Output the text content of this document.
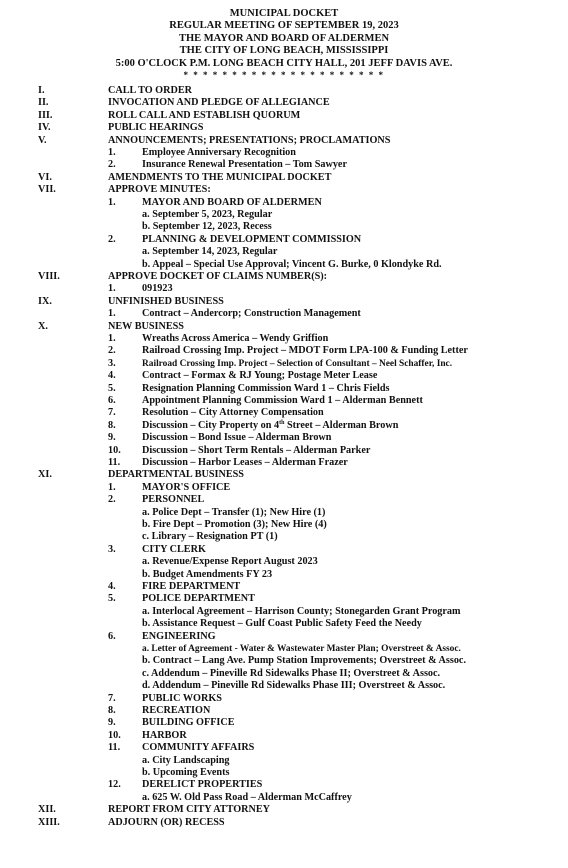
MUNICIPAL DOCKET
REGULAR MEETING OF SEPTEMBER 19, 2023
THE MAYOR AND BOARD OF ALDERMEN
THE CITY OF LONG BEACH, MISSISSIPPI
5:00 O'CLOCK P.M. LONG BEACH CITY HALL, 201 JEFF DAVIS AVE.
* * * * * * * * * * * * * * * * * * * * *
I.	CALL TO ORDER
II.	INVOCATION AND PLEDGE OF ALLEGIANCE
III.	ROLL CALL AND ESTABLISH QUORUM
IV.	PUBLIC HEARINGS
V.	ANNOUNCEMENTS; PRESENTATIONS; PROCLAMATIONS
1.	Employee Anniversary Recognition
2.	Insurance Renewal Presentation – Tom Sawyer
VI.	AMENDMENTS TO THE MUNICIPAL DOCKET
VII.	APPROVE MINUTES:
1.	MAYOR AND BOARD OF ALDERMEN
a. September 5, 2023, Regular
b. September 12, 2023, Recess
2.	PLANNING & DEVELOPMENT COMMISSION
a. September 14, 2023, Regular
b. Appeal – Special Use Approval; Vincent G. Burke, 0 Klondyke Rd.
VIII.	APPROVE DOCKET OF CLAIMS NUMBER(S):
1.	091923
IX.	UNFINISHED BUSINESS
1.	Contract – Andercorp; Construction Management
X.	NEW BUSINESS
1.	Wreaths Across America – Wendy Griffion
2.	Railroad Crossing Imp. Project – MDOT Form LPA-100 & Funding Letter
3.	Railroad Crossing Imp. Project – Selection of Consultant – Neel Schaffer, Inc.
4.	Contract – Formax & RJ Young; Postage Meter Lease
5.	Resignation Planning Commission Ward 1 – Chris Fields
6.	Appointment Planning Commission Ward 1 – Alderman Bennett
7.	Resolution – City Attorney Compensation
8.	Discussion – City Property on 4th Street – Alderman Brown
9.	Discussion – Bond Issue – Alderman Brown
10. Discussion – Short Term Rentals – Alderman Parker
11. Discussion – Harbor Leases – Alderman Frazer
XI.	DEPARTMENTAL BUSINESS
1.	MAYOR'S OFFICE
2.	PERSONNEL
a. Police Dept – Transfer (1); New Hire (1)
b. Fire Dept – Promotion (3); New Hire (4)
c. Library – Resignation PT (1)
3.	CITY CLERK
a. Revenue/Expense Report August 2023
b. Budget Amendments FY 23
4.	FIRE DEPARTMENT
5.	POLICE DEPARTMENT
a. Interlocal Agreement – Harrison County; Stonegarden Grant Program
b. Assistance Request – Gulf Coast Public Safety Feed the Needy
6.	ENGINEERING
a. Letter of Agreement - Water & Wastewater Master Plan; Overstreet & Assoc.
b. Contract – Lang Ave. Pump Station Improvements; Overstreet & Assoc.
c. Addendum – Pineville Rd Sidewalks Phase II; Overstreet & Assoc.
d. Addendum – Pineville Rd Sidewalks Phase III; Overstreet & Assoc.
7.	PUBLIC WORKS
8.	RECREATION
9.	BUILDING OFFICE
10. HARBOR
11. COMMUNITY AFFAIRS
a. City Landscaping
b. Upcoming Events
12. DERELICT PROPERTIES
a. 625 W. Old Pass Road – Alderman McCaffrey
XII.	REPORT FROM CITY ATTORNEY
XIII.	ADJOURN (OR) RECESS
